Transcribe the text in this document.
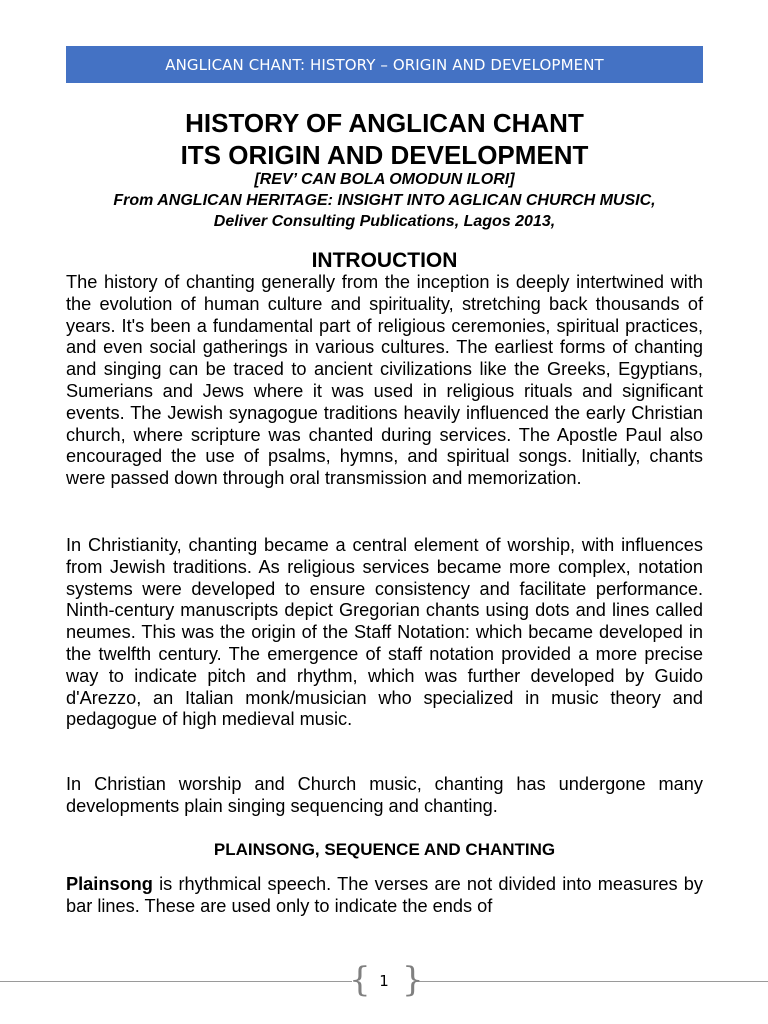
ANGLICAN CHANT: HISTORY – ORIGIN AND DEVELOPMENT
HISTORY OF ANGLICAN CHANT
ITS ORIGIN AND DEVELOPMENT
[REV’ CAN BOLA OMODUN ILORI]
From ANGLICAN HERITAGE: INSIGHT INTO AGLICAN CHURCH MUSIC,
Deliver Consulting Publications, Lagos 2013,
INTROUCTION

The history of chanting generally from the inception is deeply intertwined with the evolution of human culture and spirituality, stretching back thousands of years. It's been a fundamental part of religious ceremonies, spiritual practices, and even social gatherings in various cultures. The earliest forms of chanting and singing can be traced to ancient civilizations like the Greeks, Egyptians, Sumerians and Jews where it was used in religious rituals and significant events. The Jewish synagogue traditions heavily influenced the early Christian church, where scripture was chanted during services. The Apostle Paul also encouraged the use of psalms, hymns, and spiritual songs. Initially, chants were passed down through oral transmission and memorization.

In Christianity, chanting became a central element of worship, with influences from Jewish traditions. As religious services became more complex, notation systems were developed to ensure consistency and facilitate performance. Ninth-century manuscripts depict Gregorian chants using dots and lines called neumes. This was the origin of the Staff Notation: which became developed in the twelfth century. The emergence of staff notation provided a more precise way to indicate pitch and rhythm, which was further developed by Guido d'Arezzo, an Italian monk/musician who specialized in music theory and pedagogue of high medieval music.

In Christian worship and Church music, chanting has undergone many developments plain singing sequencing and chanting.

PLAINSONG, SEQUENCE AND CHANTING

Plainsong is rhythmical speech. The verses are not divided into measures by bar lines. These are used only to indicate the ends of

{ }
1
